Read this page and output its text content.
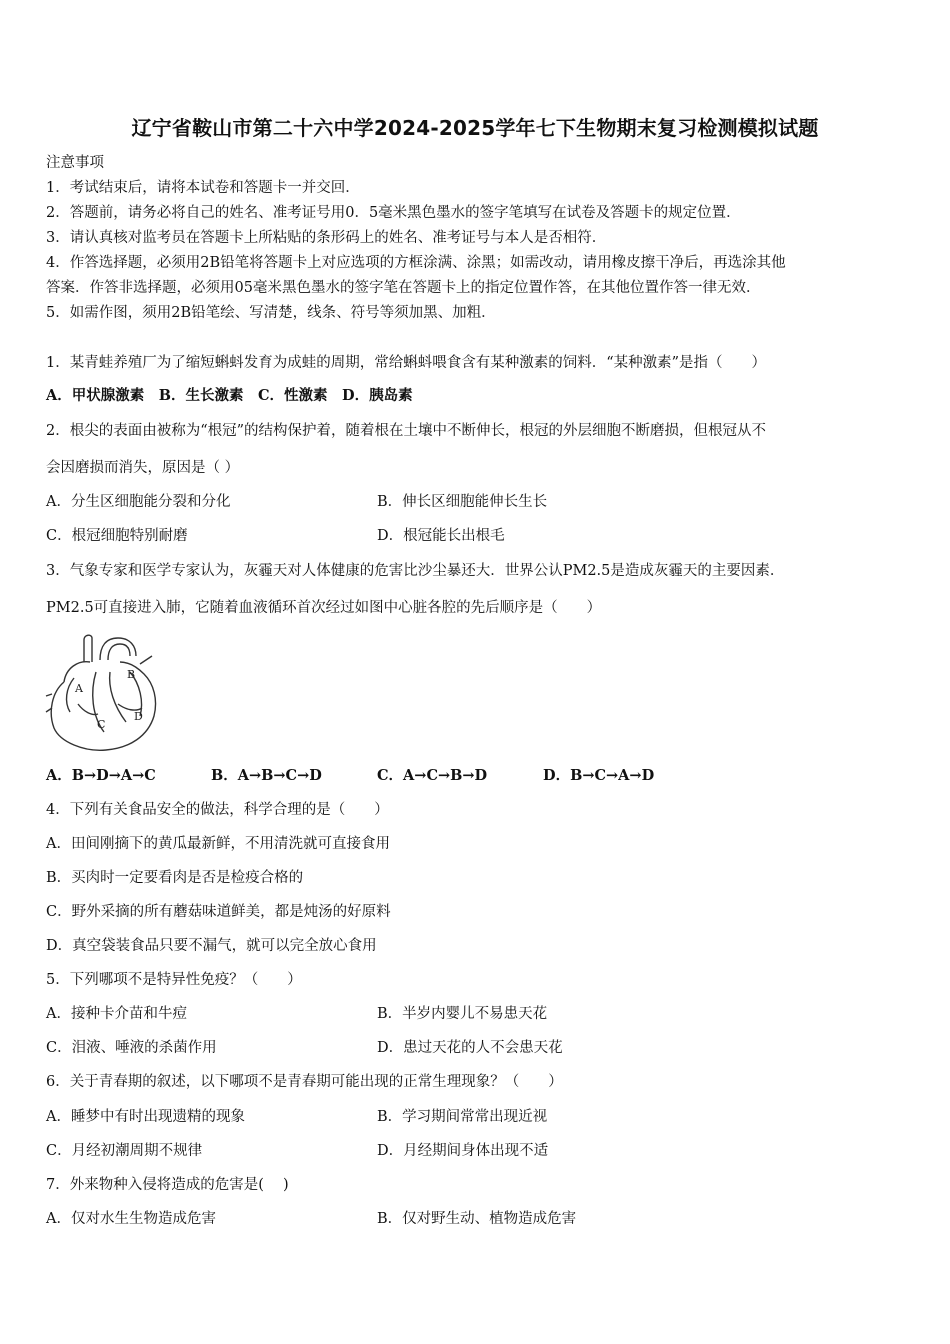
辽宁省鞍山市第二十六中学2024-2025学年七下生物期末复习检测模拟试题
注意事项
1．考试结束后，请将本试卷和答题卡一并交回．
2．答题前，请务必将自己的姓名、准考证号用0．5毫米黑色墨水的签字笔填写在试卷及答题卡的规定位置．
3．请认真核对监考员在答题卡上所粘贴的条形码上的姓名、准考证号与本人是否相符．
4．作答选择题，必须用2B铅笔将答题卡上对应选项的方框涂满、涂黑；如需改动，请用橡皮擦干净后，再选涂其他
答案．作答非选择题，必须用05毫米黑色墨水的签字笔在答题卡上的指定位置作答，在其他位置作答一律无效．
5．如需作图，须用2B铅笔绘、写清楚，线条、符号等须加黑、加粗．
1．某青蛙养殖厂为了缩短蝌蚪发育为成蛙的周期，常给蝌蚪喂食含有某种激素的饲料．“某种激素”是指（　　）
A．甲状腺激素　B．生长激素　C．性激素　D．胰岛素
2．根尖的表面由被称为“根冠”的结构保护着，随着根在土壤中不断伸长，根冠的外层细胞不断磨损，但根冠从不
会因磨损而消失，原因是（ ）
A．分生区细胞能分裂和分化	B．伸长区细胞能伸长生长
C．根冠细胞特别耐磨	D．根冠能长出根毛
3．气象专家和医学专家认为，灰霾天对人体健康的危害比沙尘暴还大．世界公认PM2.5是造成灰霾天的主要因素．
PM2.5可直接进入肺，它随着血液循环首次经过如图中心脏各腔的先后顺序是（　　）
A
B
C
D
A．B→D→A→C	B．A→B→C→D	C．A→C→B→D	D．B→C→A→D
4．下列有关食品安全的做法，科学合理的是（　　）
A．田间刚摘下的黄瓜最新鲜，不用清洗就可直接食用
B．买肉时一定要看肉是否是检疫合格的
C．野外采摘的所有蘑菇味道鲜美，都是炖汤的好原料
D．真空袋装食品只要不漏气，就可以完全放心食用
5．下列哪项不是特异性免疫？（　　）
A．接种卡介苗和牛痘	B．半岁内婴儿不易患天花
C．泪液、唾液的杀菌作用	D．患过天花的人不会患天花
6．关于青春期的叙述，以下哪项不是青春期可能出现的正常生理现象？（　　）
A．睡梦中有时出现遗精的现象	B．学习期间常常出现近视
C．月经初潮周期不规律	D．月经期间身体出现不适
7．外来物种入侵将造成的危害是(　 )
A．仅对水生生物造成危害	B．仅对野生动、植物造成危害
